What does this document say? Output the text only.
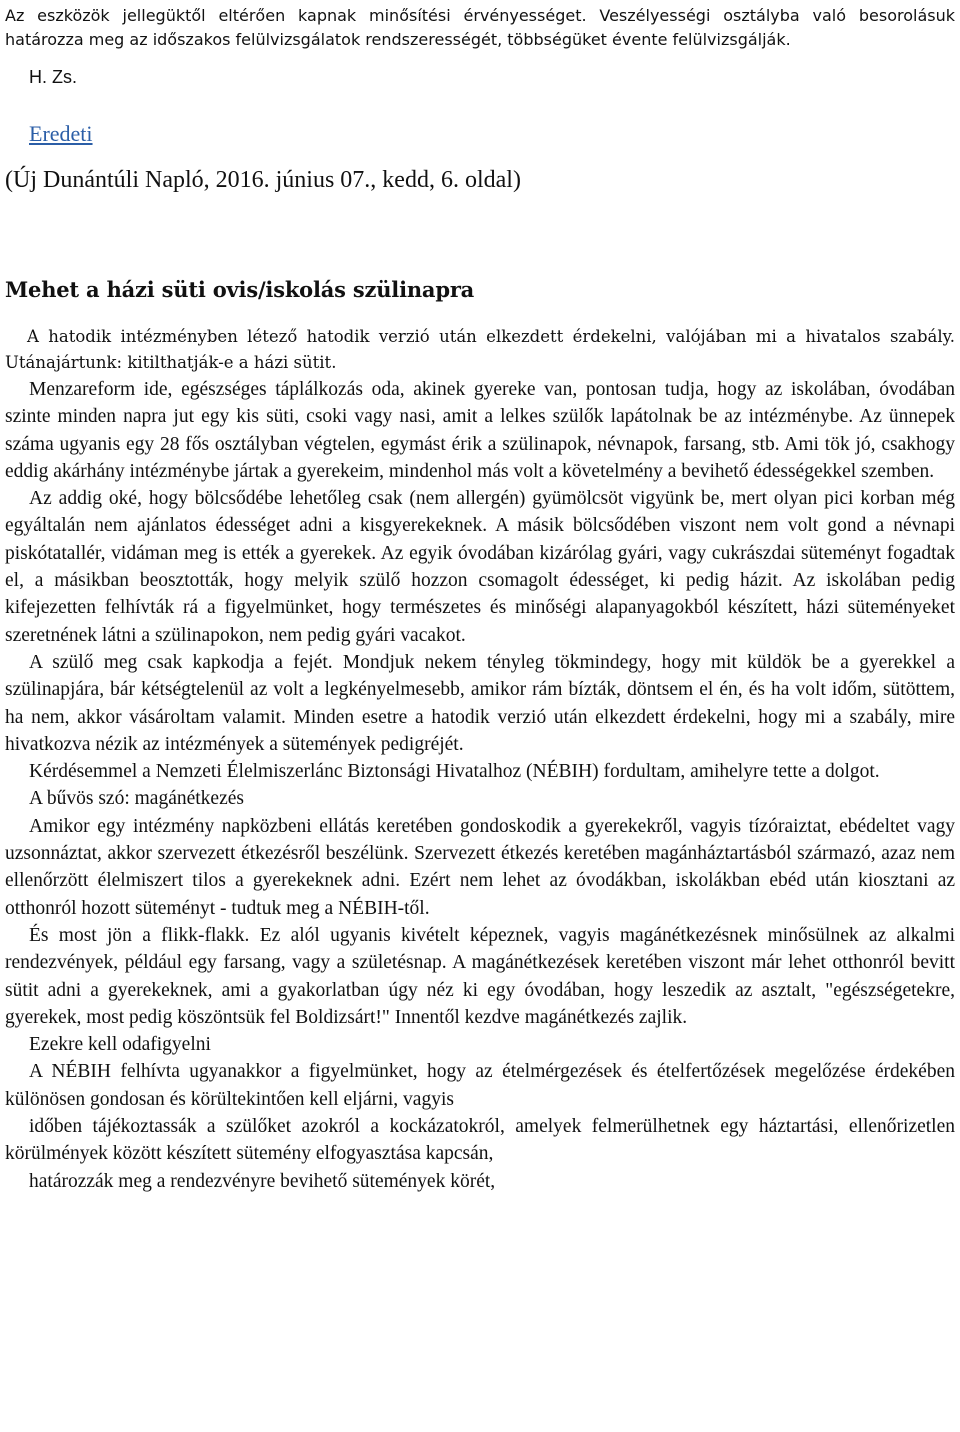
Az eszközök jellegüktől eltérően kapnak minősítési érvényességet. Veszélyességi osztályba való besorolásuk határozza meg az időszakos felülvizsgálatok rendszerességét, többségüket évente felülvizsgálják.

H. Zs.
Eredeti
(Új Dunántúli Napló, 2016. június 07., kedd, 6. oldal)
Mehet a házi süti ovis/iskolás szülinapra

A hatodik intézményben létező hatodik verzió után elkezdett érdekelni, valójában mi a hivatalos szabály. Utánajártunk: kitilthatják-e a házi sütit.

Menzareform ide, egészséges táplálkozás oda, akinek gyereke van, pontosan tudja, hogy az iskolában, óvodában szinte minden napra jut egy kis süti, csoki vagy nasi, amit a lelkes szülők lapátolnak be az intézménybe. Az ünnepek száma ugyanis egy 28 fős osztályban végtelen, egymást érik a szülinapok, névnapok, farsang, stb. Ami tök jó, csakhogy eddig akárhány intézménybe jártak a gyerekeim, mindenhol más volt a követelmény a bevihető édességekkel szemben.

Az addig oké, hogy bölcsődébe lehetőleg csak (nem allergén) gyümölcsöt vigyünk be, mert olyan pici korban még egyáltalán nem ajánlatos édességet adni a kisgyerekeknek. A másik bölcsődében viszont nem volt gond a névnapi piskótatallér, vidáman meg is ették a gyerekek. Az egyik óvodában kizárólag gyári, vagy cukrászdai süteményt fogadtak el, a másikban beosztották, hogy melyik szülő hozzon csomagolt édességet, ki pedig házit. Az iskolában pedig kifejezetten felhívták rá a figyelmünket, hogy természetes és minőségi alapanyagokból készített, házi süteményeket szeretnének látni a szülinapokon, nem pedig gyári vacakot.

A szülő meg csak kapkodja a fejét. Mondjuk nekem tényleg tökmindegy, hogy mit küldök be a gyerekkel a szülinapjára, bár kétségtelenül az volt a legkényelmesebb, amikor rám bízták, döntsem el én, és ha volt időm, sütöttem, ha nem, akkor vásároltam valamit. Minden esetre a hatodik verzió után elkezdett érdekelni, hogy mi a szabály, mire hivatkozva nézik az intézmények a sütemények pedigréjét.

Kérdésemmel a Nemzeti Élelmiszerlánc Biztonsági Hivatalhoz (NÉBIH) fordultam, amihelyre tette a dolgot.

A bűvös szó: magánétkezés

Amikor egy intézmény napközbeni ellátás keretében gondoskodik a gyerekekről, vagyis tízóraiztat, ebédeltet vagy uzsonnáztat, akkor szervezett étkezésről beszélünk. Szervezett étkezés keretében magánháztartásból származó, azaz nem ellenőrzött élelmiszert tilos a gyerekeknek adni. Ezért nem lehet az óvodákban, iskolákban ebéd után kiosztani az otthonról hozott süteményt - tudtuk meg a NÉBIH-től.

És most jön a flikk-flakk. Ez alól ugyanis kivételt képeznek, vagyis magánétkezésnek minősülnek az alkalmi rendezvények, például egy farsang, vagy a születésnap. A magánétkezések keretében viszont már lehet otthonról bevitt sütit adni a gyerekeknek, ami a gyakorlatban úgy néz ki egy óvodában, hogy leszedik az asztalt, "egészségetekre, gyerekek, most pedig köszöntsük fel Boldizsárt!" Innentől kezdve magánétkezés zajlik.

Ezekre kell odafigyelni

A NÉBIH felhívta ugyanakkor a figyelmünket, hogy az ételmérgezések és ételfertőzések megelőzése érdekében különösen gondosan és körültekintően kell eljárni, vagyis

időben tájékoztassák a szülőket azokról a kockázatokról, amelyek felmerülhetnek egy háztartási, ellenőrizetlen körülmények között készített sütemény elfogyasztása kapcsán,

határozzák meg a rendezvényre bevihető sütemények körét,
